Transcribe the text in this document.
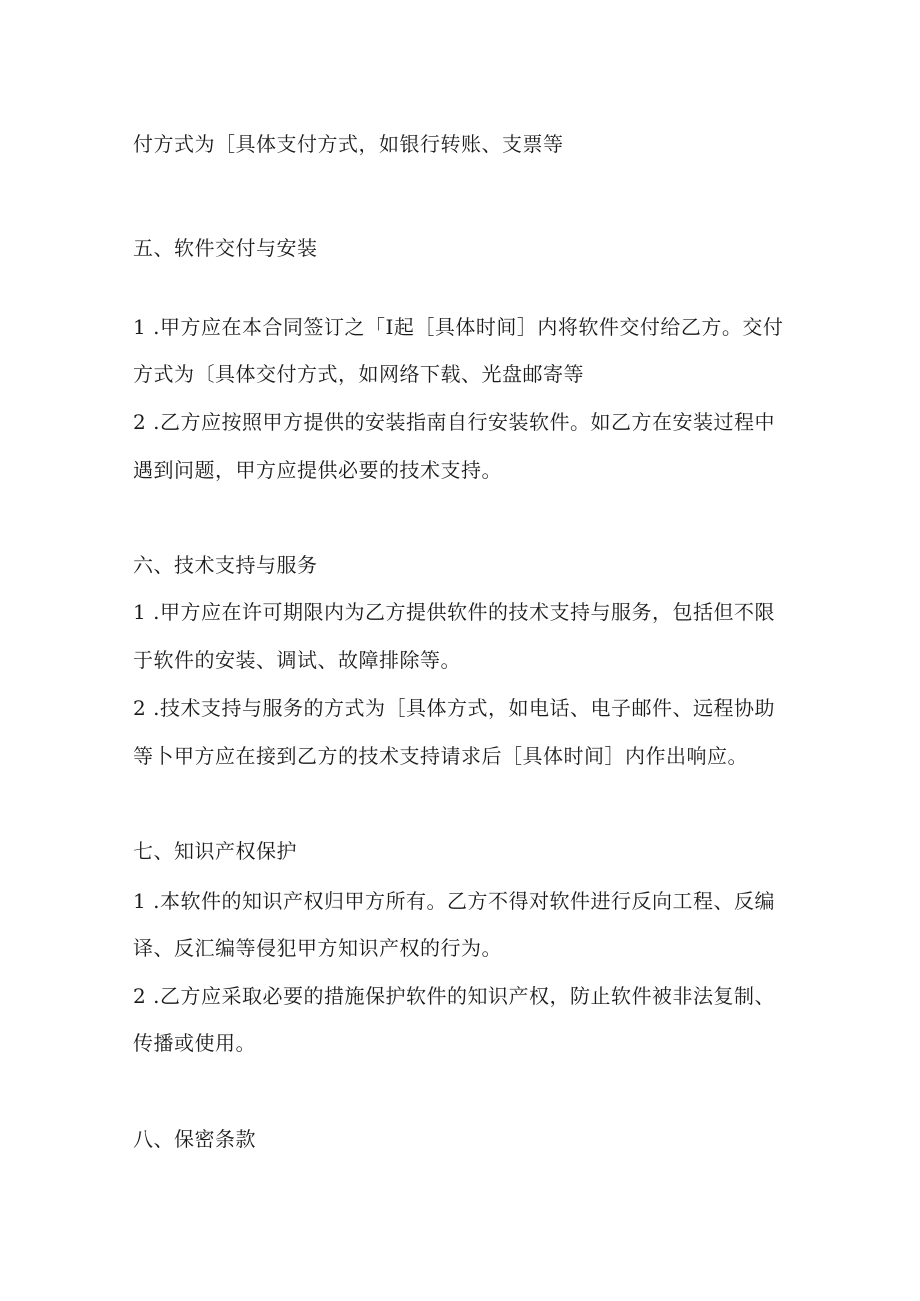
付方式为［具体支付方式，如银行转账、支票等
五、软件交付与安装
1 .甲方应在本合同签订之「I起［具体时间］内将软件交付给乙方。交付
方式为〔具体交付方式，如网络下载、光盘邮寄等
2 .乙方应按照甲方提供的安装指南自行安装软件。如乙方在安装过程中
遇到问题，甲方应提供必要的技术支持。
六、技术支持与服务
1 .甲方应在许可期限内为乙方提供软件的技术支持与服务，包括但不限
于软件的安装、调试、故障排除等。
2 .技术支持与服务的方式为［具体方式，如电话、电子邮件、远程协助
等卜甲方应在接到乙方的技术支持请求后［具体时间］内作出响应。
七、知识产权保护
1 .本软件的知识产权归甲方所有。乙方不得对软件进行反向工程、反编
译、反汇编等侵犯甲方知识产权的行为。
2 .乙方应采取必要的措施保护软件的知识产权，防止软件被非法复制、
传播或使用。
八、保密条款
